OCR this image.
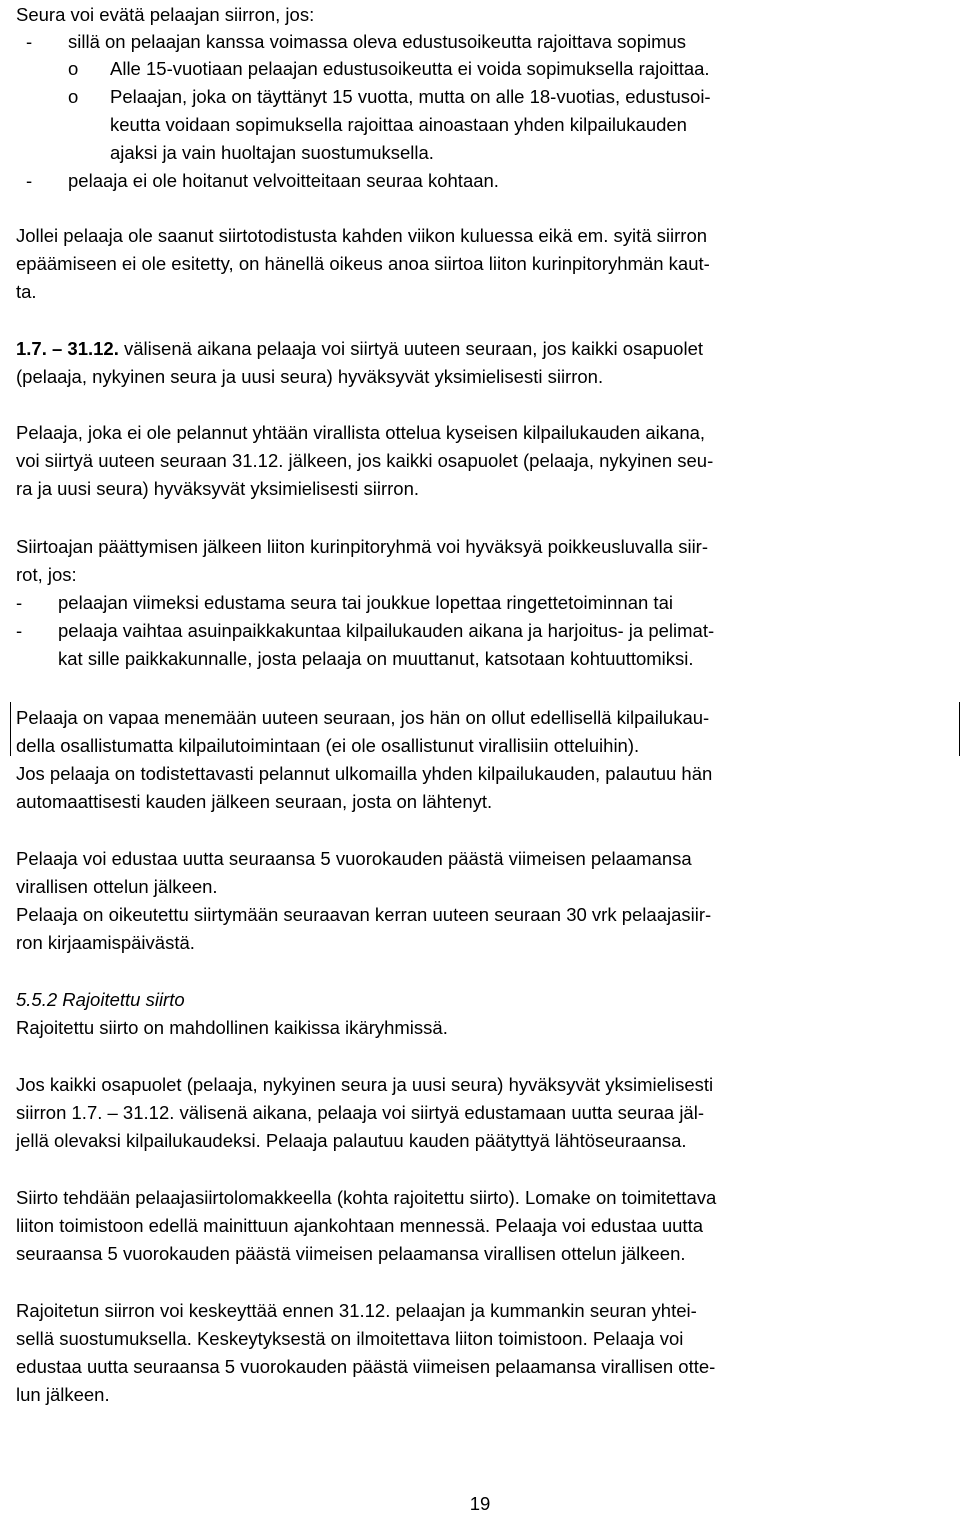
Seura voi evätä pelaajan siirron, jos:
- sillä on pelaajan kanssa voimassa oleva edustusoikeutta rajoittava sopimus
o Alle 15-vuotiaan pelaajan edustusoikeutta ei voida sopimuksella rajoittaa.
o Pelaajan, joka on täyttänyt 15 vuotta, mutta on alle 18-vuotias, edustusoi-
keutta voidaan sopimuksella rajoittaa ainoastaan yhden kilpailukauden
ajaksi ja vain huoltajan suostumuksella.
- pelaaja ei ole hoitanut velvoitteitaan seuraa kohtaan.
Jollei pelaaja ole saanut siirtotodistusta kahden viikon kuluessa eikä em. syitä siirron
epäämiseen ei ole esitetty, on hänellä oikeus anoa siirtoa liiton kurinpitoryhmän kaut-
ta.
1.7. – 31.12. välisenä aikana pelaaja voi siirtyä uuteen seuraan, jos kaikki osapuolet
(pelaaja, nykyinen seura ja uusi seura) hyväksyvät yksimielisesti siirron.
Pelaaja, joka ei ole pelannut yhtään virallista ottelua kyseisen kilpailukauden aikana,
voi siirtyä uuteen seuraan 31.12. jälkeen, jos kaikki osapuolet (pelaaja, nykyinen seu-
ra ja uusi seura) hyväksyvät yksimielisesti siirron.
Siirtoajan päättymisen jälkeen liiton kurinpitoryhmä voi hyväksyä poikkeusluvalla siir-
rot, jos:
- pelaajan viimeksi edustama seura tai joukkue lopettaa ringettetoiminnan tai
- pelaaja vaihtaa asuinpaikkakuntaa kilpailukauden aikana ja harjoitus- ja pelimat-
kat sille paikkakunnalle, josta pelaaja on muuttanut, katsotaan kohtuuttomiksi.
Pelaaja on vapaa menemään uuteen seuraan, jos hän on ollut edellisellä kilpailukau-
della osallistumatta kilpailutoimintaan (ei ole osallistunut virallisiin otteluihin).
Jos pelaaja on todistettavasti pelannut ulkomailla yhden kilpailukauden, palautuu hän
automaattisesti kauden jälkeen seuraan, josta on lähtenyt.
Pelaaja voi edustaa uutta seuraansa 5 vuorokauden päästä viimeisen pelaamansa
virallisen ottelun jälkeen.
Pelaaja on oikeutettu siirtymään seuraavan kerran uuteen seuraan 30 vrk pelaajasiir-
ron kirjaamispäivästä.
5.5.2 Rajoitettu siirto
Rajoitettu siirto on mahdollinen kaikissa ikäryhmissä.
Jos kaikki osapuolet (pelaaja, nykyinen seura ja uusi seura) hyväksyvät yksimielisesti
siirron 1.7. – 31.12. välisenä aikana, pelaaja voi siirtyä edustamaan uutta seuraa jäl-
jellä olevaksi kilpailukaudeksi. Pelaaja palautuu kauden päätyttyä lähtöseuraansa.
Siirto tehdään pelaajasiirtolomakkeella (kohta rajoitettu siirto). Lomake on toimitettava
liiton toimistoon edellä mainittuun ajankohtaan mennessä. Pelaaja voi edustaa uutta
seuraansa 5 vuorokauden päästä viimeisen pelaamansa virallisen ottelun jälkeen.
Rajoitetun siirron voi keskeyttää ennen 31.12. pelaajan ja kummankin seuran yhtei-
sellä suostumuksella. Keskeytyksestä on ilmoitettava liiton toimistoon. Pelaaja voi
edustaa uutta seuraansa 5 vuorokauden päästä viimeisen pelaamansa virallisen otte-
lun jälkeen.
19
